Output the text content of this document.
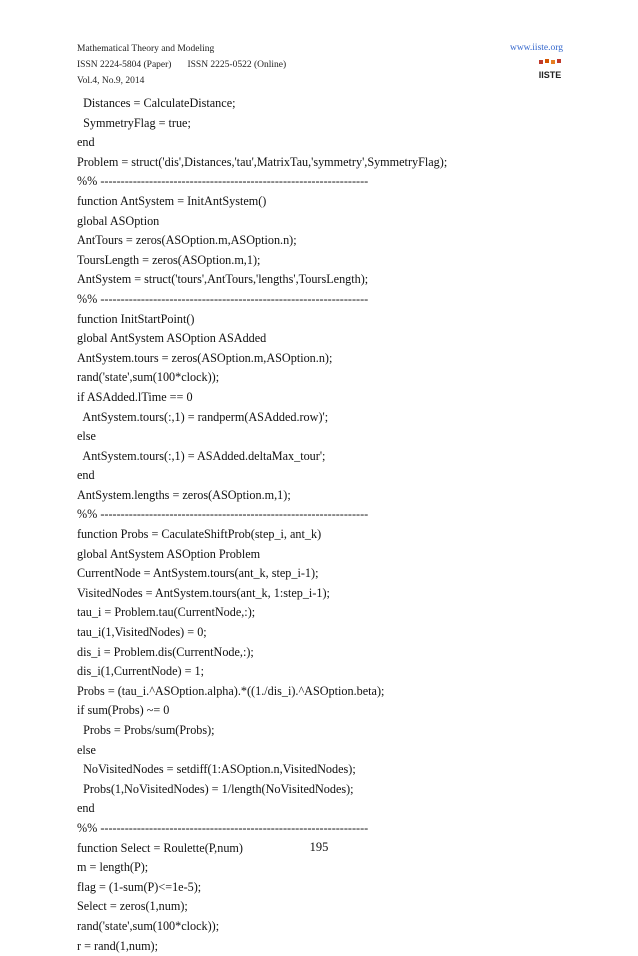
Mathematical Theory and Modeling
ISSN 2224-5804 (Paper) ISSN 2225-0522 (Online)
Vol.4, No.9, 2014
www.iiste.org
IISTE
Distances = CalculateDistance;
SymmetryFlag = true;
end
Problem = struct('dis',Distances,'tau',MatrixTau,'symmetry',SymmetryFlag);
%% ------------------------------------------------------------------
function AntSystem = InitAntSystem()
global ASOption
AntTours = zeros(ASOption.m,ASOption.n);
ToursLength = zeros(ASOption.m,1);
AntSystem = struct('tours',AntTours,'lengths',ToursLength);
%% ------------------------------------------------------------------
function InitStartPoint()
global AntSystem ASOption ASAdded
AntSystem.tours = zeros(ASOption.m,ASOption.n);
rand('state',sum(100*clock));
if ASAdded.lTime == 0
AntSystem.tours(:,1) = randperm(ASAdded.row)';
else
AntSystem.tours(:,1) = ASAdded.deltaMax_tour';
end
AntSystem.lengths = zeros(ASOption.m,1);
%% ------------------------------------------------------------------
function Probs = CaculateShiftProb(step_i, ant_k)
global AntSystem ASOption Problem
CurrentNode = AntSystem.tours(ant_k, step_i-1);
VisitedNodes = AntSystem.tours(ant_k, 1:step_i-1);
tau_i = Problem.tau(CurrentNode,:);
tau_i(1,VisitedNodes) = 0;
dis_i = Problem.dis(CurrentNode,:);
dis_i(1,CurrentNode) = 1;
Probs = (tau_i.^ASOption.alpha).*((1./dis_i).^ASOption.beta);
if sum(Probs) ~= 0
Probs = Probs/sum(Probs);
else
NoVisitedNodes = setdiff(1:ASOption.n,VisitedNodes);
Probs(1,NoVisitedNodes) = 1/length(NoVisitedNodes);
end
%% ------------------------------------------------------------------
function Select = Roulette(P,num)
m = length(P);
flag = (1-sum(P)<=1e-5);
Select = zeros(1,num);
rand('state',sum(100*clock));
r = rand(1,num);
195
